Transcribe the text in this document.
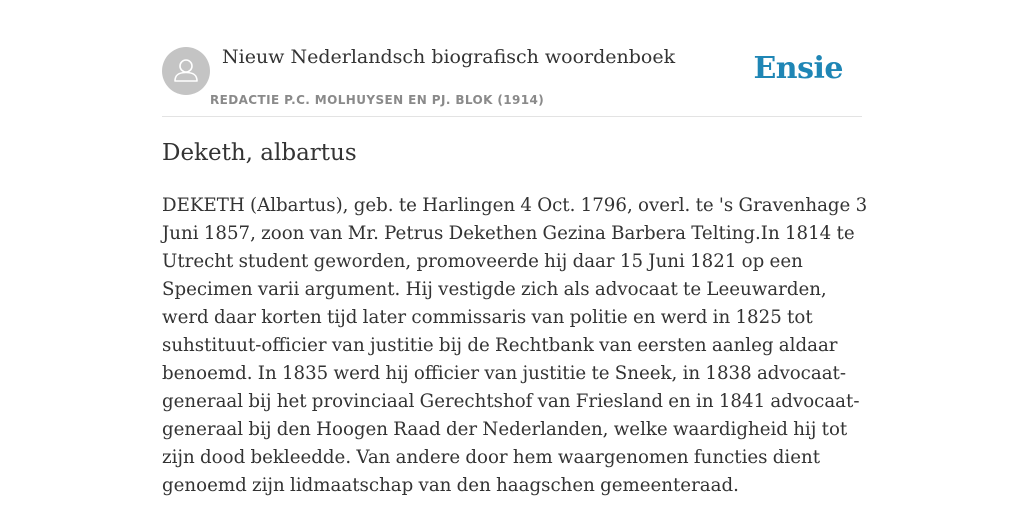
Nieuw Nederlandsch biografisch woordenboek
REDACTIE P.C. MOLHUYSEN EN PJ. BLOK (1914)
Ensie
Deketh, albartus

DEKETH (Albartus), geb. te Harlingen 4 Oct. 1796, overl. te 's Gravenhage 3 Juni 1857, zoon van Mr. Petrus Dekethen Gezina Barbera Telting.In 1814 te Utrecht student geworden, promoveerde hij daar 15 Juni 1821 op een Specimen varii argument. Hij vestigde zich als advocaat te Leeuwarden, werd daar korten tijd later commissaris van politie en werd in 1825 tot suhstituut-officier van justitie bij de Rechtbank van eersten aanleg aldaar benoemd. In 1835 werd hij officier van justitie te Sneek, in 1838 advocaat-generaal bij het provinciaal Gerechtshof van Friesland en in 1841 advocaat-generaal bij den Hoogen Raad der Nederlanden, welke waardigheid hij tot zijn dood bekleedde. Van andere door hem waargenomen functies dient genoemd zijn lidmaatschap van den haagschen gemeenteraad.
